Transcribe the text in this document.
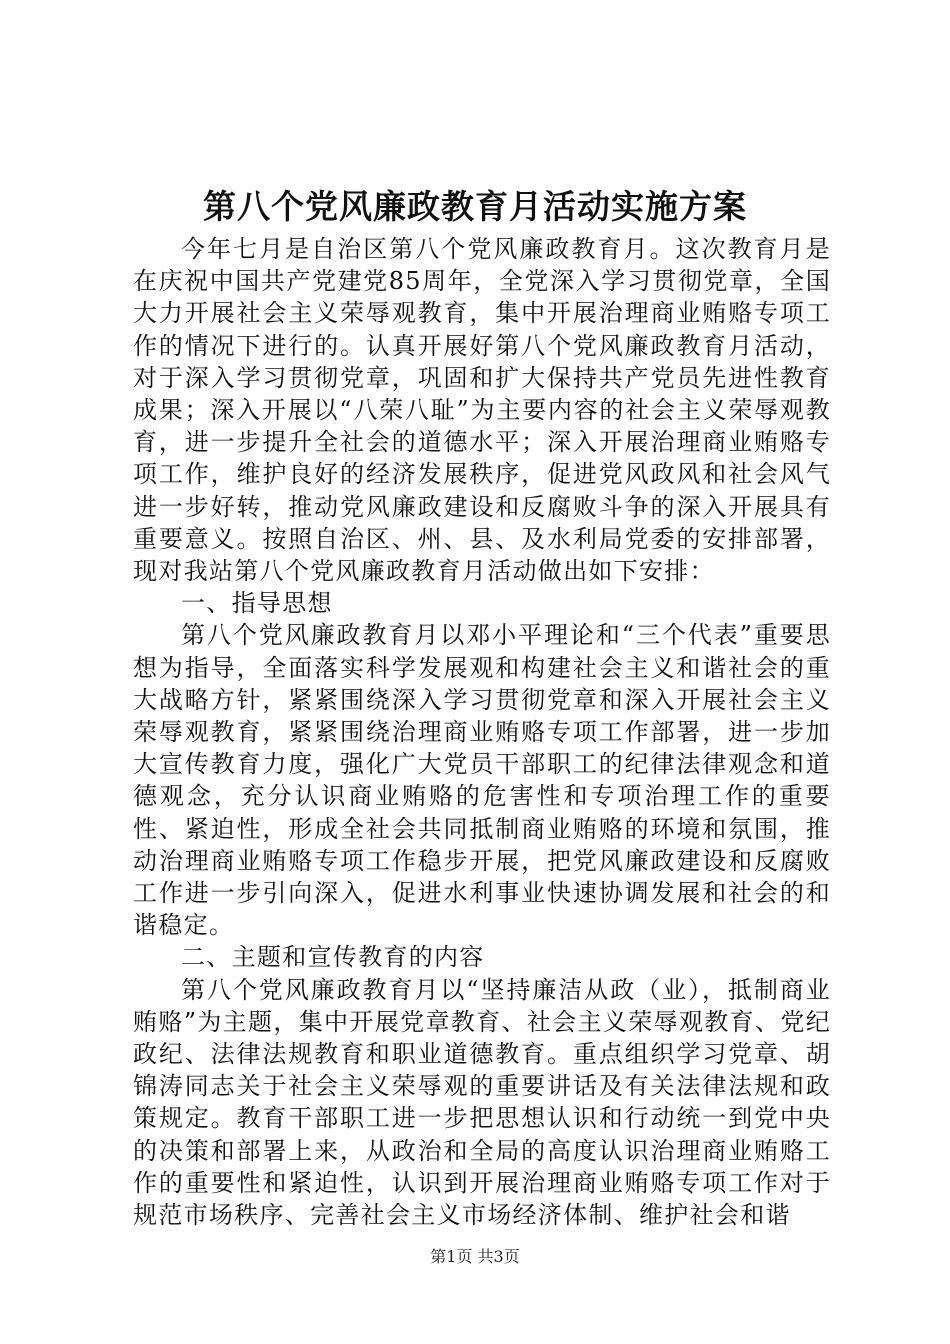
第八个党风廉政教育月活动实施方案

今年七月是自治区第八个党风廉政教育月。这次教育月是在庆祝中国共产党建党85周年，全党深入学习贯彻党章，全国大力开展社会主义荣辱观教育，集中开展治理商业贿赂专项工作的情况下进行的。认真开展好第八个党风廉政教育月活动，对于深入学习贯彻党章，巩固和扩大保持共产党员先进性教育成果；深入开展以“八荣八耻”为主要内容的社会主义荣辱观教育，进一步提升全社会的道德水平；深入开展治理商业贿赂专项工作，维护良好的经济发展秩序，促进党风政风和社会风气进一步好转，推动党风廉政建设和反腐败斗争的深入开展具有重要意义。按照自治区、州、县、及水利局党委的安排部署，现对我站第八个党风廉政教育月活动做出如下安排：

一、指导思想

第八个党风廉政教育月以邓小平理论和“三个代表”重要思想为指导，全面落实科学发展观和构建社会主义和谐社会的重大战略方针，紧紧围绕深入学习贯彻党章和深入开展社会主义荣辱观教育，紧紧围绕治理商业贿赂专项工作部署，进一步加大宣传教育力度，强化广大党员干部职工的纪律法律观念和道德观念，充分认识商业贿赂的危害性和专项治理工作的重要性、紧迫性，形成全社会共同抵制商业贿赂的环境和氛围，推动治理商业贿赂专项工作稳步开展，把党风廉政建设和反腐败工作进一步引向深入，促进水利事业快速协调发展和社会的和谐稳定。

二、主题和宣传教育的内容

第八个党风廉政教育月以“坚持廉洁从政（业），抵制商业贿赂”为主题，集中开展党章教育、社会主义荣辱观教育、党纪政纪、法律法规教育和职业道德教育。重点组织学习党章、胡锦涛同志关于社会主义荣辱观的重要讲话及有关法律法规和政策规定。教育干部职工进一步把思想认识和行动统一到党中央的决策和部署上来，从政治和全局的高度认识治理商业贿赂工作的重要性和紧迫性，认识到开展治理商业贿赂专项工作对于规范市场秩序、完善社会主义市场经济体制、维护社会和谐

第1页 共3页
